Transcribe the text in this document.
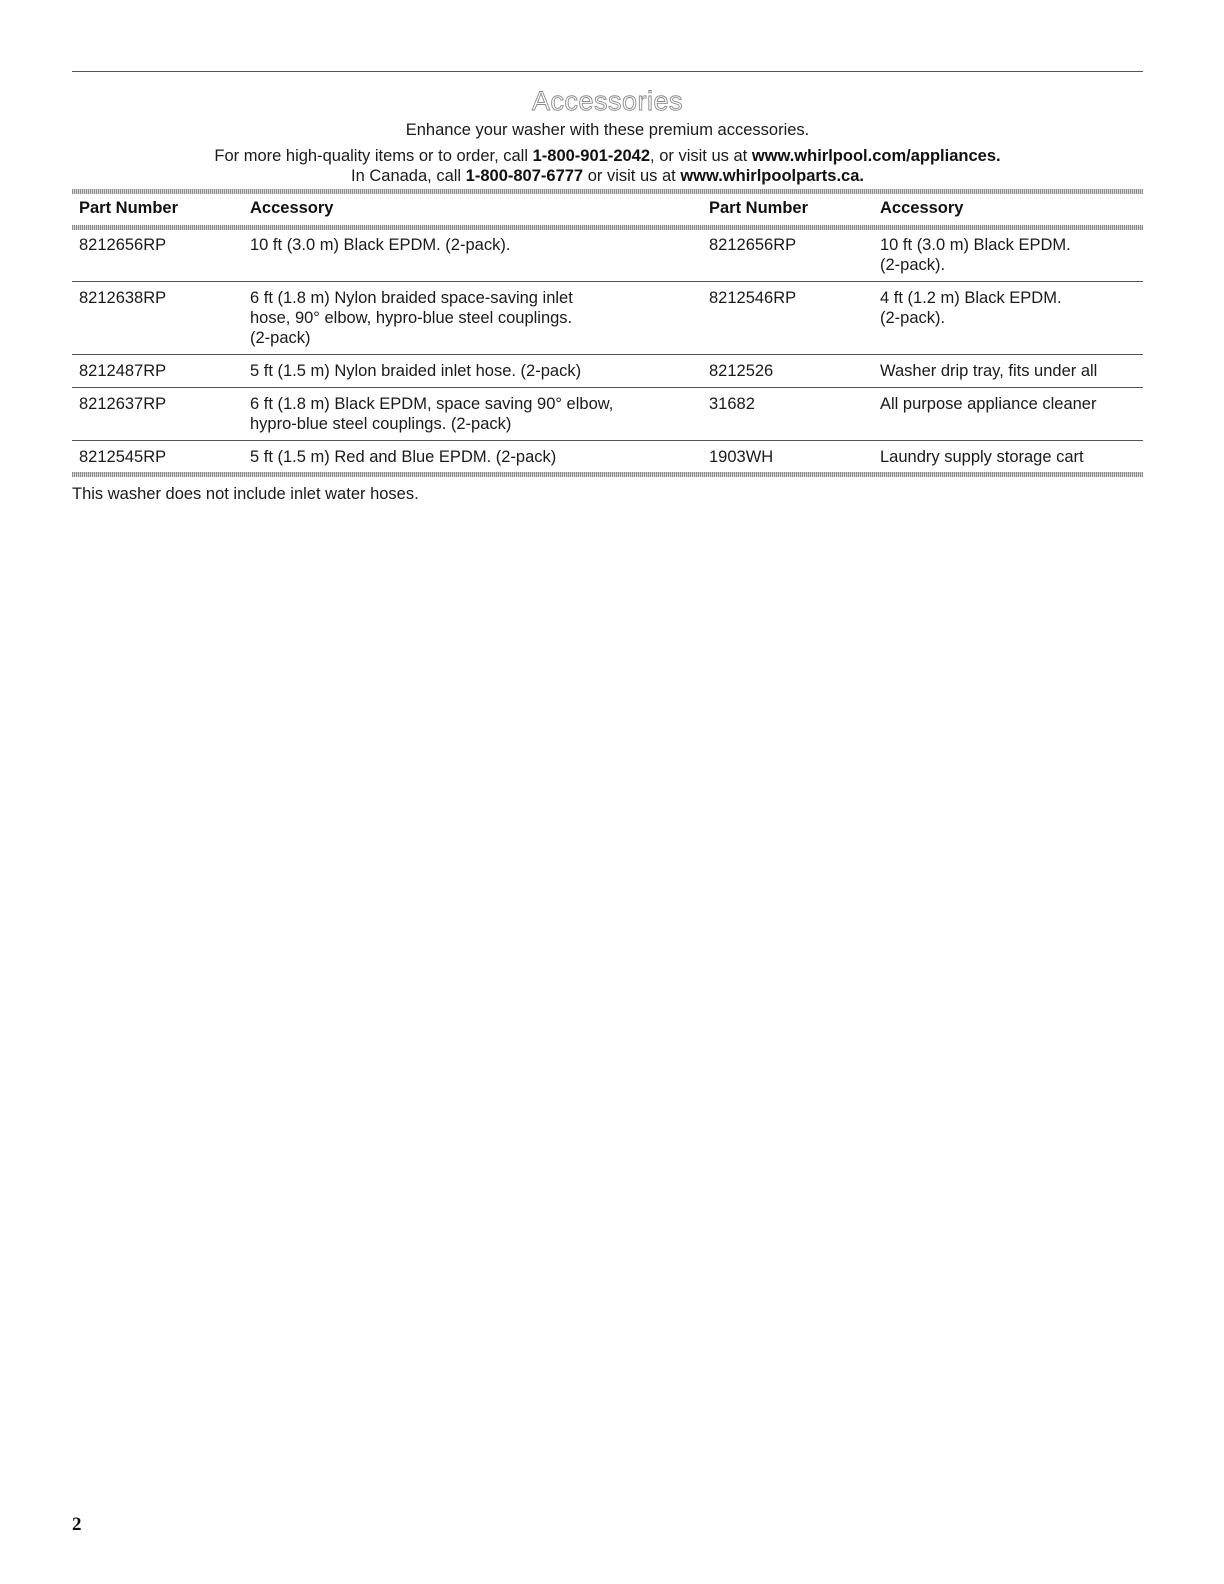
Accessories
Enhance your washer with these premium accessories.
For more high-quality items or to order, call 1-800-901-2042, or visit us at www.whirlpool.com/appliances.
In Canada, call 1-800-807-6777 or visit us at www.whirlpoolparts.ca.
Part Number	Accessory	Part Number	Accessory

8212656RP	10 ft (3.0 m) Black EPDM. (2-pack).	8212656RP	10 ft (3.0 m) Black EPDM.
(2-pack).
8212638RP	6 ft (1.8 m) Nylon braided space-saving inlet
hose, 90° elbow, hypro-blue steel couplings.
(2-pack)	8212546RP	4 ft (1.2 m) Black EPDM.
(2-pack).
8212487RP	5 ft (1.5 m) Nylon braided inlet hose. (2-pack)	8212526	Washer drip tray, fits under all
8212637RP	6 ft (1.8 m) Black EPDM, space saving 90° elbow,
hypro-blue steel couplings. (2-pack)	31682	All purpose appliance cleaner
8212545RP	5 ft (1.5 m) Red and Blue EPDM. (2-pack)	1903WH	Laundry supply storage cart
This washer does not include inlet water hoses.
2
